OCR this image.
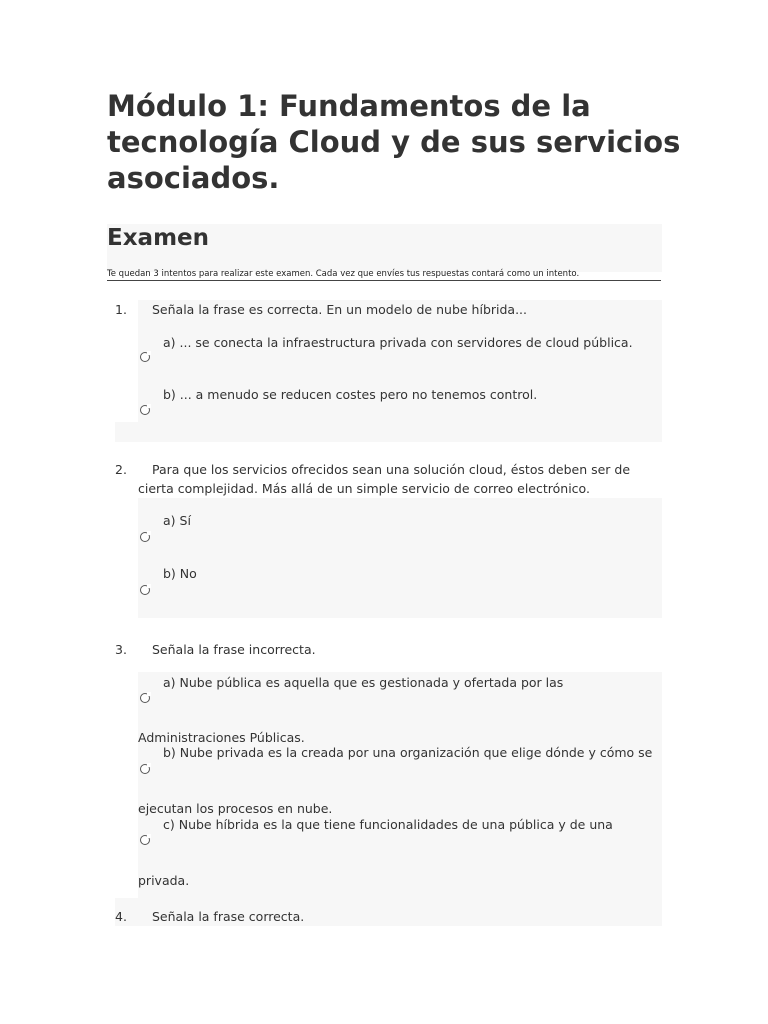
Módulo 1: Fundamentos de la tecnología Cloud y de sus servicios asociados.
Examen

Te quedan 3 intentos para realizar este examen. Cada vez que envíes tus respuestas contará como un intento.

1. Señala la frase es correcta. En un modelo de nube híbrida...
a) ... se conecta la infraestructura privada con servidores de cloud pública.
b) ... a menudo se reducen costes pero no tenemos control.
2. Para que los servicios ofrecidos sean una solución cloud, éstos deben ser de
cierta complejidad. Más allá de un simple servicio de correo electrónico.
a) Sí
b) No
3. Señala la frase incorrecta.
a) Nube pública es aquella que es gestionada y ofertada por las
Administraciones Públicas.
b) Nube privada es la creada por una organización que elige dónde y cómo se
ejecutan los procesos en nube.
c) Nube híbrida es la que tiene funcionalidades de una pública y de una
privada.
4. Señala la frase correcta.
